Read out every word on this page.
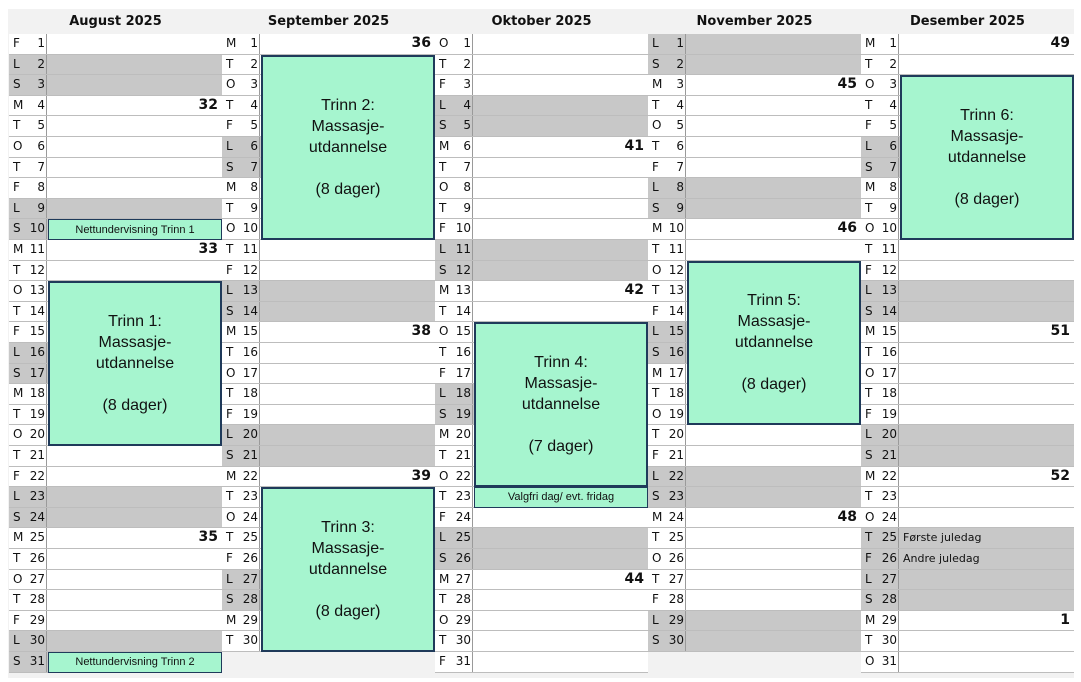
August 2025
F	1
L	2
S	3
M	4	32
T	5
O	6
T	7
F	8
L	9
S 10
M 11	33
T 12
O 13
T 14
F 15
L 16
S 17
M 18
T 19
O 20
T 21
F 22
L 23
S 24
M 25	35
T 26
O 27
T 28
F 29
L 30
S 31
September 2025
M	1	36
T	2
O	3
T	4
F	5
L	6
S	7
M	8
T	9
O 10
T 11
F 12
L 13
S 14
M 15	38
T 16
O 17
T 18
F 19
L 20
S 21
M 22	39
T 23
O 24
T 25
F 26
L 27
S 28
M 29
T 30
Oktober 2025
O	1
T	2
F	3
L	4
S	5
M	6	41
T	7
O	8
T	9
F 10
L 11
S 12
M 13	42
T 14
O 15
T 16
F 17
L 18
S 19
M 20
T 21
O 22
T 23
F 24
L 25
S 26
M 27	44
T 28
O 29
T 30
F 31
November 2025
L	1
S	2
M	3	45
T	4
O	5
T	6
F	7
L	8
S	9
M 10	46
T 11
O 12
T 13
F 14
L 15
S 16
M 17
T 18
O 19
T 20
F 21
L 22
S 23
M 24	48
T 25
O 26
T 27
F 28
L 29
S 30
Desember 2025
M	1	49
T	2
O	3
T	4
F	5
L	6
S	7
M	8
T	9
O 10
T 11
F 12
L 13
S 14
M 15	51
T 16
O 17
T 18
F 19
L 20
S 21
M 22	52
T 23
O 24
T 25 Første juledag
F 26 Andre juledag
L 27
S 28
M 29	1
T 30
O 31
Trinn 1:
Massasje-
utdannelse

(8 dager)
Nettundervisning Trinn 1
Nettundervisning Trinn 2
Trinn 2:
Massasje-
utdannelse

(8 dager)
Trinn 3:
Massasje-
utdannelse

(8 dager)
Trinn 4:
Massasje-
utdannelse

(7 dager)
Valgfri dag/ evt. fridag
Trinn 5:
Massasje-
utdannelse

(8 dager)
Trinn 6:
Massasje-
utdannelse

(8 dager)
